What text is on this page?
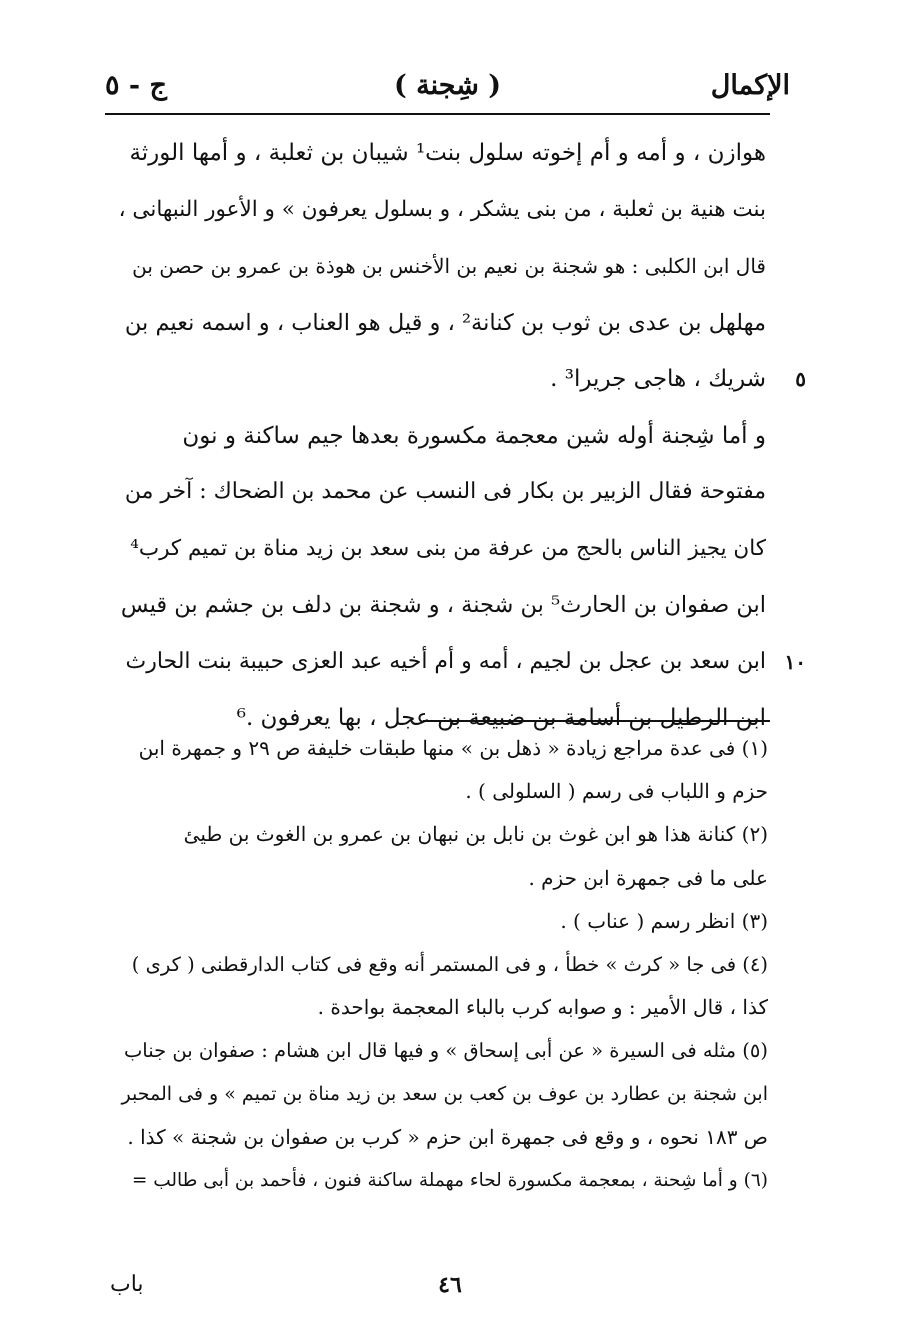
الإكمال
( شِجنة )
ج - ٥
هوازن ، و أمه و أم إخوته سلول بنت¹ شيبان بن ثعلبة ، و أمها الورثة
بنت هنية بن ثعلبة ، من بنى يشكر ، و بسلول يعرفون » و الأعور النبهانى ،
قال ابن الكلبى : هو شجنة بن نعيم بن الأخنس بن هوذة بن عمرو بن حصن بن
مهلهل بن عدى بن ثوب بن كنانة² ، و قيل هو العناب ، و اسمه نعيم بن
٥
شريك ، هاجى جريرا³ .
و أما شِجنة أوله شين معجمة مكسورة بعدها جيم ساكنة و نون
مفتوحة فقال الزبير بن بكار فى النسب عن محمد بن الضحاك : آخر من
كان يجيز الناس بالحج من عرفة من بنى سعد بن زيد مناة بن تميم كرب⁴
ابن صفوان بن الحارث⁵ بن شجنة ، و شجنة بن دلف بن جشم بن قيس
١٠
ابن سعد بن عجل بن لجيم ، أمه و أم أخيه عبد العزى حبيبة بنت الحارث
ابن الرطيل بن أسامة بن ضبيعة بن عجل ، بها يعرفون .⁶
(١) فى عدة مراجع زيادة « ذهل بن » منها طبقات خليفة ص ٢٩ و جمهرة ابن
حزم و اللباب فى رسم ( السلولى ) .
(٢) كنانة هذا هو ابن غوث بن نابل بن نبهان بن عمرو بن الغوث بن طيئ
على ما فى جمهرة ابن حزم .
(٣) انظر رسم ( عناب ) .
(٤) فى جا « كرث » خطأ ، و فى المستمر أنه وقع فى كتاب الدارقطنى ( كرى )
كذا ، قال الأمير : و صوابه كرب بالباء المعجمة بواحدة .
(٥) مثله فى السيرة « عن أبى إسحاق » و فيها قال ابن هشام : صفوان بن جناب
ابن شجنة بن عطارد بن عوف بن كعب بن سعد بن زيد مناة بن تميم » و فى المحبر
ص ١٨٣ نحوه ، و وقع فى جمهرة ابن حزم « كرب بن صفوان بن شجنة » كذا .
(٦) و أما شِحنة ، بمعجمة مكسورة لحاء مهملة ساكنة فنون ، فأحمد بن أبى طالب =
٤٦
باب
